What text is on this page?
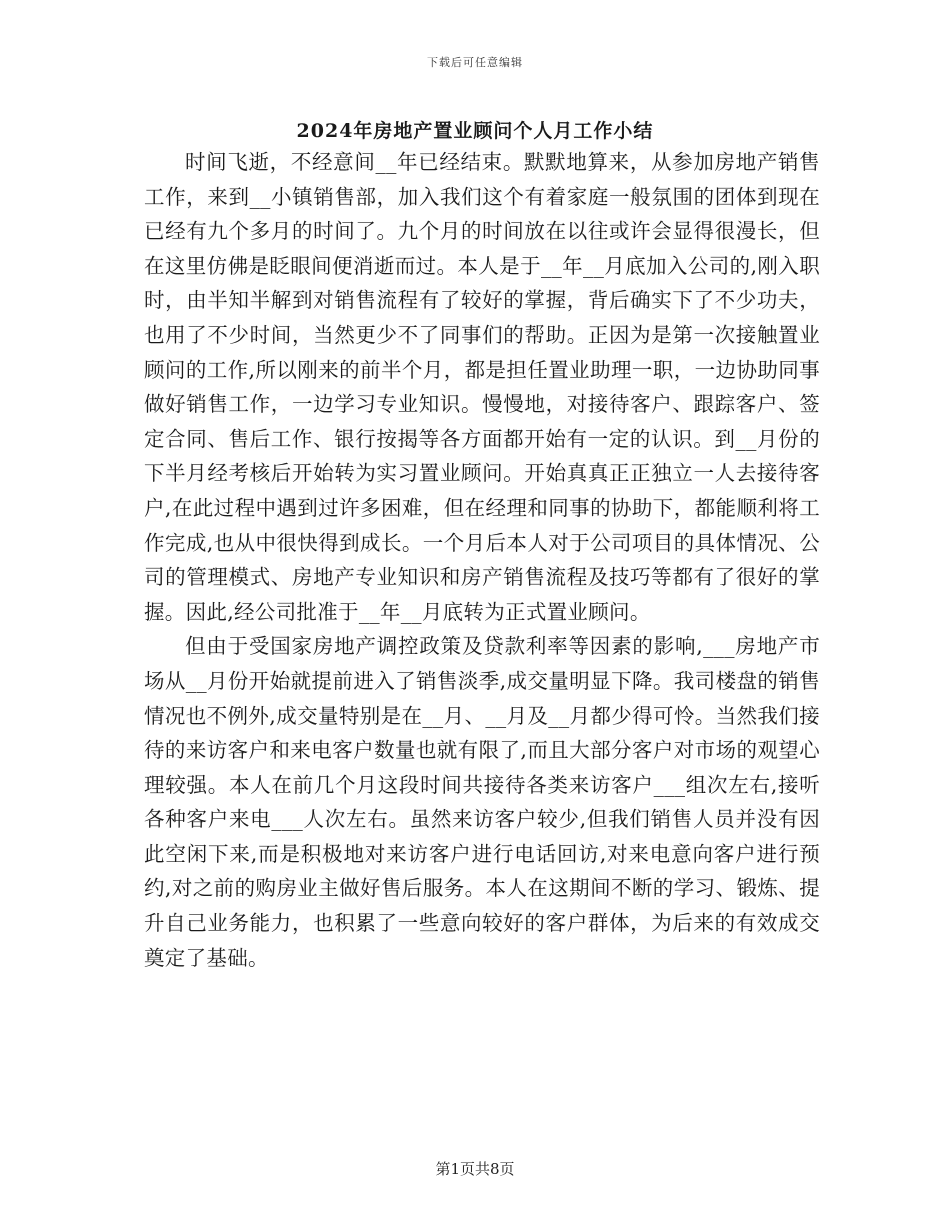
下载后可任意编辑
2024年房地产置业顾问个人月工作小结

时间飞逝，不经意间__年已经结束。默默地算来，从参加房地产销售工作，来到__小镇销售部，加入我们这个有着家庭一般氛围的团体到现在已经有九个多月的时间了。九个月的时间放在以往或许会显得很漫长，但在这里仿佛是眨眼间便消逝而过。本人是于__年__月底加入公司的,刚入职时，由半知半解到对销售流程有了较好的掌握，背后确实下了不少功夫，也用了不少时间，当然更少不了同事们的帮助。正因为是第一次接触置业顾问的工作,所以刚来的前半个月，都是担任置业助理一职，一边协助同事做好销售工作，一边学习专业知识。慢慢地，对接待客户、跟踪客户、签定合同、售后工作、银行按揭等各方面都开始有一定的认识。到__月份的下半月经考核后开始转为实习置业顾问。开始真真正正独立一人去接待客户,在此过程中遇到过许多困难，但在经理和同事的协助下，都能顺利将工作完成,也从中很快得到成长。一个月后本人对于公司项目的具体情况、公司的管理模式、房地产专业知识和房产销售流程及技巧等都有了很好的掌握。因此,经公司批准于__年__月底转为正式置业顾问。

但由于受国家房地产调控政策及贷款利率等因素的影响,___房地产市场从__月份开始就提前进入了销售淡季,成交量明显下降。我司楼盘的销售情况也不例外,成交量特别是在__月、__月及__月都少得可怜。当然我们接待的来访客户和来电客户数量也就有限了,而且大部分客户对市场的观望心理较强。本人在前几个月这段时间共接待各类来访客户___组次左右,接听各种客户来电___人次左右。虽然来访客户较少,但我们销售人员并没有因此空闲下来,而是积极地对来访客户进行电话回访,对来电意向客户进行预约,对之前的购房业主做好售后服务。本人在这期间不断的学习、锻炼、提升自己业务能力，也积累了一些意向较好的客户群体，为后来的有效成交奠定了基础。

第1页共8页
